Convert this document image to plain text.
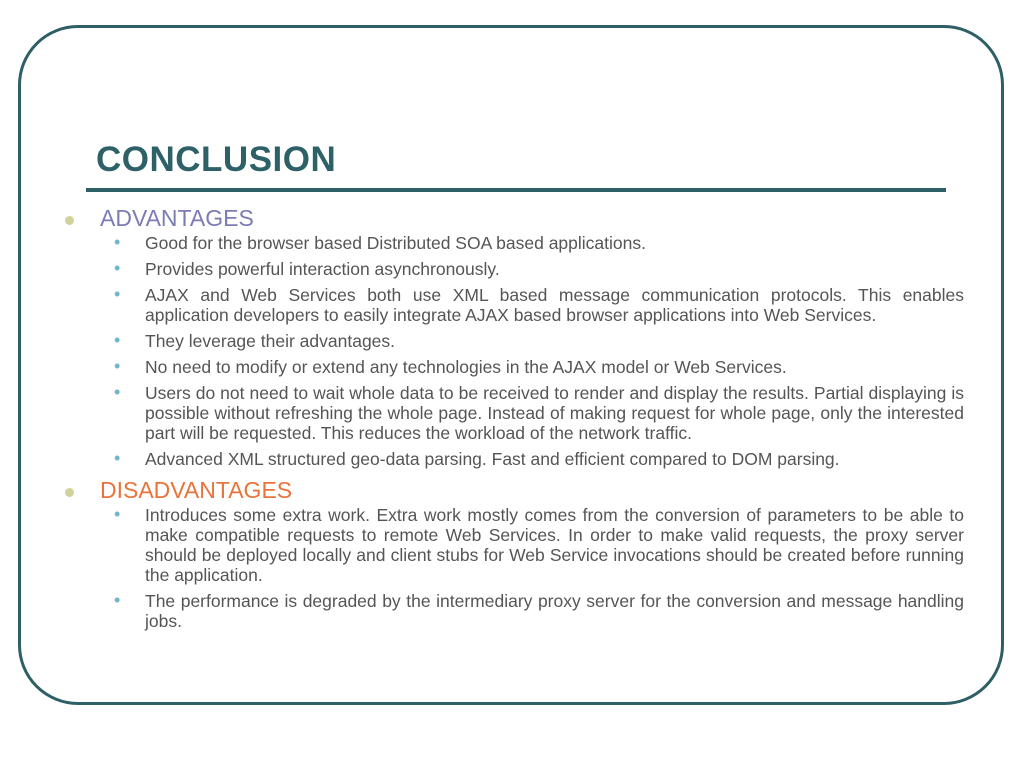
CONCLUSION
ADVANTAGES
• Good for the browser based Distributed SOA based applications.
• Provides powerful interaction asynchronously.
• AJAX and Web Services both use XML based message communication protocols. This enables application developers to easily integrate AJAX based browser applications into Web Services.
• They leverage their advantages.
• No need to modify or extend any technologies in the AJAX model or Web Services.
• Users do not need to wait whole data to be received to render and display the results. Partial displaying is possible without refreshing the whole page. Instead of making request for whole page, only the interested part will be requested. This reduces the workload of the network traffic.
• Advanced XML structured geo-data parsing. Fast and efficient compared to DOM parsing.
DISADVANTAGES
• Introduces some extra work. Extra work mostly comes from the conversion of parameters to be able to make compatible requests to remote Web Services. In order to make valid requests, the proxy server should be deployed locally and client stubs for Web Service invocations should be created before running the application.
• The performance is degraded by the intermediary proxy server for the conversion and message handling jobs.
